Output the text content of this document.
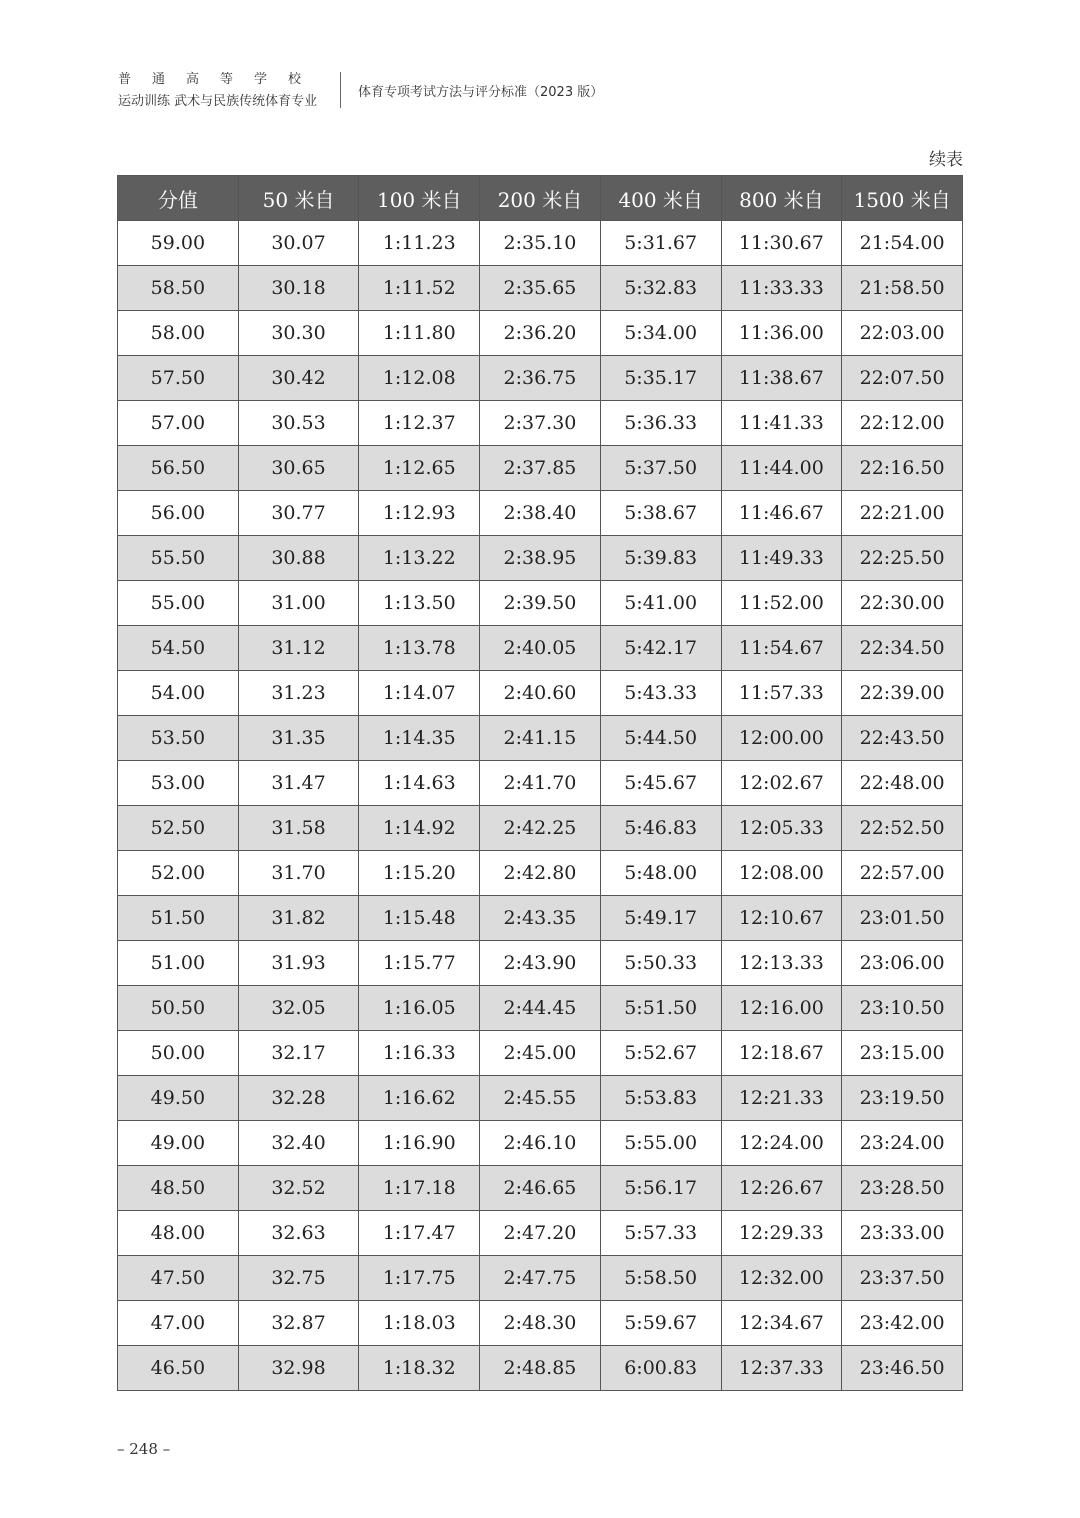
普通高等学校
运动训练 武术与民族传统体育专业
体育专项考试方法与评分标准（2023 版）
续表
分值	50 米自	100 米自	200 米自	400 米自	800 米自	1500 米自
59.00	30.07	1:11.23	2:35.10	5:31.67	11:30.67	21:54.00
58.50	30.18	1:11.52	2:35.65	5:32.83	11:33.33	21:58.50
58.00	30.30	1:11.80	2:36.20	5:34.00	11:36.00	22:03.00
57.50	30.42	1:12.08	2:36.75	5:35.17	11:38.67	22:07.50
57.00	30.53	1:12.37	2:37.30	5:36.33	11:41.33	22:12.00
56.50	30.65	1:12.65	2:37.85	5:37.50	11:44.00	22:16.50
56.00	30.77	1:12.93	2:38.40	5:38.67	11:46.67	22:21.00
55.50	30.88	1:13.22	2:38.95	5:39.83	11:49.33	22:25.50
55.00	31.00	1:13.50	2:39.50	5:41.00	11:52.00	22:30.00
54.50	31.12	1:13.78	2:40.05	5:42.17	11:54.67	22:34.50
54.00	31.23	1:14.07	2:40.60	5:43.33	11:57.33	22:39.00
53.50	31.35	1:14.35	2:41.15	5:44.50	12:00.00	22:43.50
53.00	31.47	1:14.63	2:41.70	5:45.67	12:02.67	22:48.00
52.50	31.58	1:14.92	2:42.25	5:46.83	12:05.33	22:52.50
52.00	31.70	1:15.20	2:42.80	5:48.00	12:08.00	22:57.00
51.50	31.82	1:15.48	2:43.35	5:49.17	12:10.67	23:01.50
51.00	31.93	1:15.77	2:43.90	5:50.33	12:13.33	23:06.00
50.50	32.05	1:16.05	2:44.45	5:51.50	12:16.00	23:10.50
50.00	32.17	1:16.33	2:45.00	5:52.67	12:18.67	23:15.00
49.50	32.28	1:16.62	2:45.55	5:53.83	12:21.33	23:19.50
49.00	32.40	1:16.90	2:46.10	5:55.00	12:24.00	23:24.00
48.50	32.52	1:17.18	2:46.65	5:56.17	12:26.67	23:28.50
48.00	32.63	1:17.47	2:47.20	5:57.33	12:29.33	23:33.00
47.50	32.75	1:17.75	2:47.75	5:58.50	12:32.00	23:37.50
47.00	32.87	1:18.03	2:48.30	5:59.67	12:34.67	23:42.00
46.50	32.98	1:18.32	2:48.85	6:00.83	12:37.33	23:46.50
– 248 –
